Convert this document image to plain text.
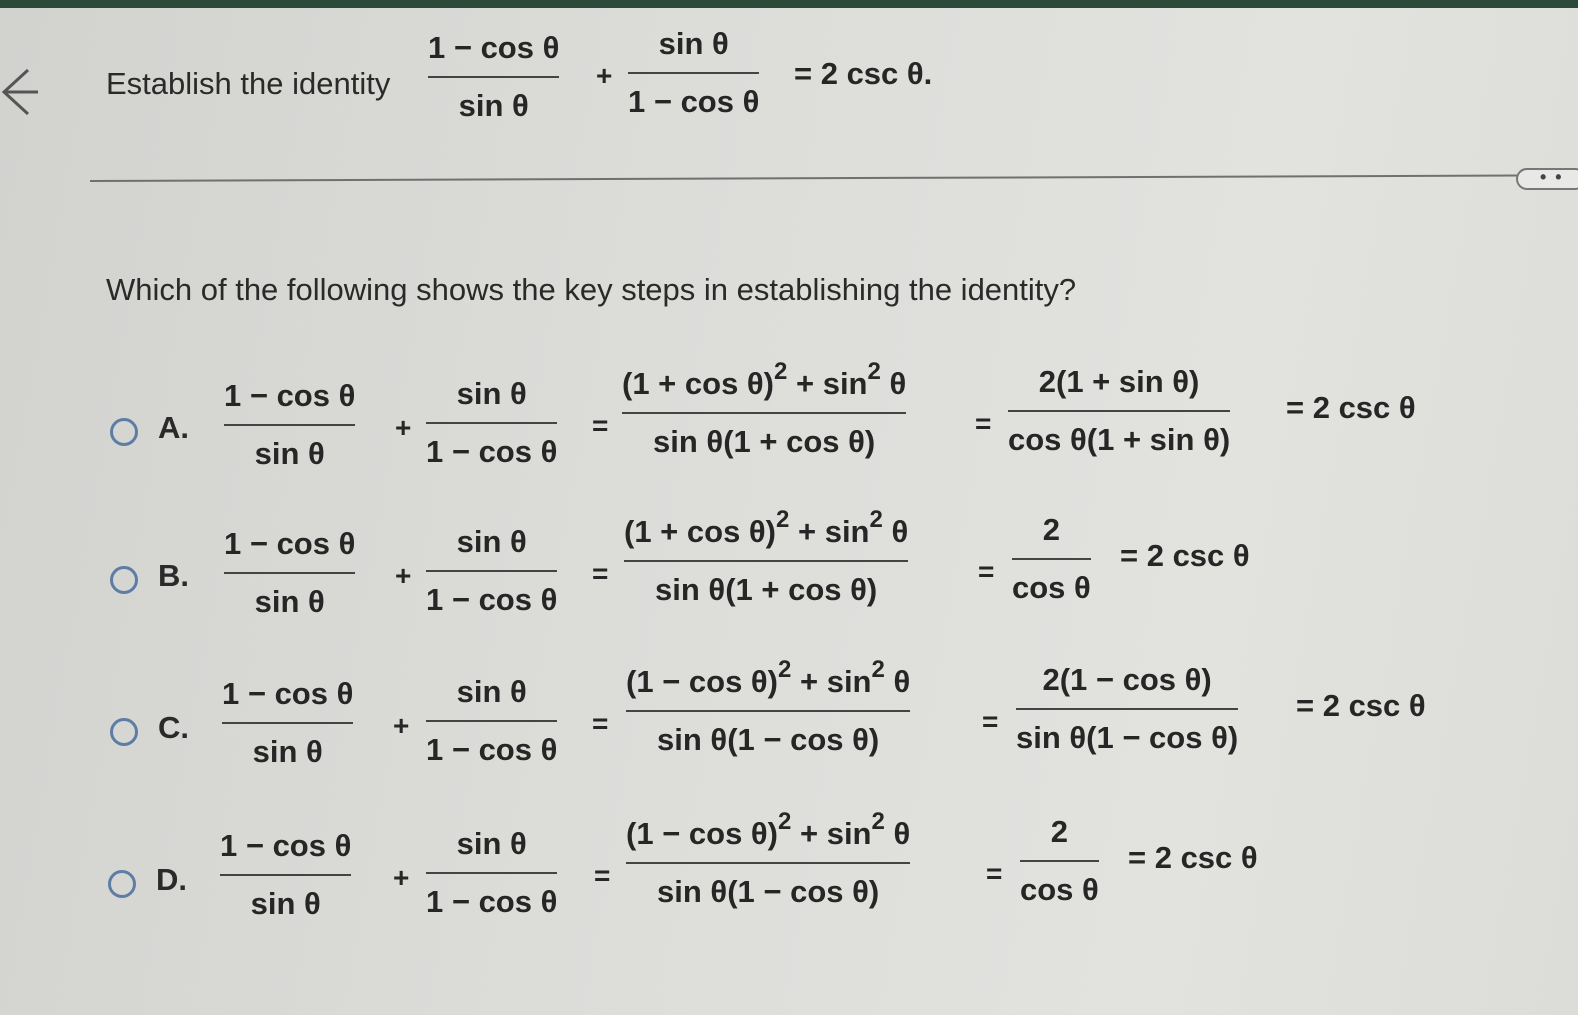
Establish the identity
1 − cos θ
sin θ
+
sin θ
1 − cos θ
= 2 csc θ.
• •
Which of the following shows the key steps in establishing the identity?
A.
1 − cos θ
sin θ
+
sin θ
1 − cos θ
=
$(1 + \cos \theta)^2 + \sin^2 \theta$
sin θ(1 + cos θ)
=
2(1 + sin θ)
cos θ(1 + sin θ)
= 2 csc θ
B.
1 − cos θ
sin θ
+
sin θ
1 − cos θ
=
$(1 + \cos \theta)^2 + \sin^2 \theta$
sin θ(1 + cos θ)
=
2
cos θ
= 2 csc θ
C.
1 − cos θ
sin θ
+
sin θ
1 − cos θ
=
$(1 - \cos \theta)^2 + \sin^2 \theta$
sin θ(1 − cos θ)
=
2(1 − cos θ)
sin θ(1 − cos θ)
= 2 csc θ
D.
1 − cos θ
sin θ
+
sin θ
1 − cos θ
=
$(1 - \cos \theta)^2 + \sin^2 \theta$
sin θ(1 − cos θ)
=
2
cos θ
= 2 csc θ
